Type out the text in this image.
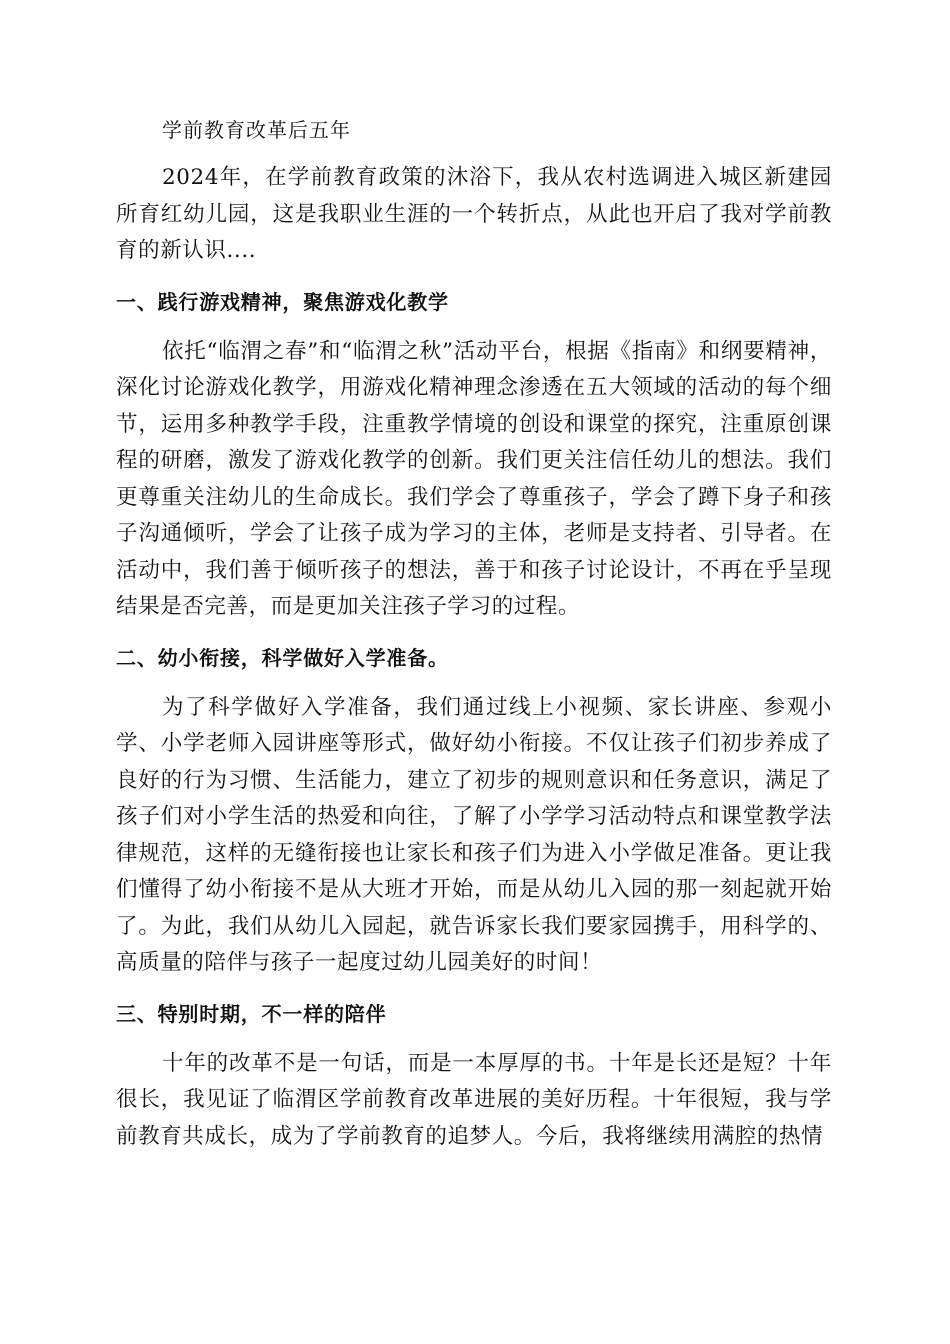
学前教育改革后五年

2024年，在学前教育政策的沐浴下，我从农村选调进入城区新建园所育红幼儿园，这是我职业生涯的一个转折点，从此也开启了我对学前教育的新认识....

一、践行游戏精神，聚焦游戏化教学

依托“临渭之春”和“临渭之秋”活动平台，根据《指南》和纲要精神，深化讨论游戏化教学，用游戏化精神理念渗透在五大领域的活动的每个细节，运用多种教学手段，注重教学情境的创设和课堂的探究，注重原创课程的研磨，激发了游戏化教学的创新。我们更关注信任幼儿的想法。我们更尊重关注幼儿的生命成长。我们学会了尊重孩子，学会了蹲下身子和孩子沟通倾听，学会了让孩子成为学习的主体，老师是支持者、引导者。在活动中，我们善于倾听孩子的想法，善于和孩子讨论设计，不再在乎呈现结果是否完善，而是更加关注孩子学习的过程。

二、幼小衔接，科学做好入学准备。

为了科学做好入学准备，我们通过线上小视频、家长讲座、参观小学、小学老师入园讲座等形式，做好幼小衔接。不仅让孩子们初步养成了良好的行为习惯、生活能力，建立了初步的规则意识和任务意识，满足了孩子们对小学生活的热爱和向往，了解了小学学习活动特点和课堂教学法律规范，这样的无缝衔接也让家长和孩子们为进入小学做足准备。更让我们懂得了幼小衔接不是从大班才开始，而是从幼儿入园的那一刻起就开始了。为此，我们从幼儿入园起，就告诉家长我们要家园携手，用科学的、高质量的陪伴与孩子一起度过幼儿园美好的时间！

三、特别时期，不一样的陪伴

十年的改革不是一句话，而是一本厚厚的书。十年是长还是短？十年很长，我见证了临渭区学前教育改革进展的美好历程。十年很短，我与学前教育共成长，成为了学前教育的追梦人。今后，我将继续用满腔的热情
